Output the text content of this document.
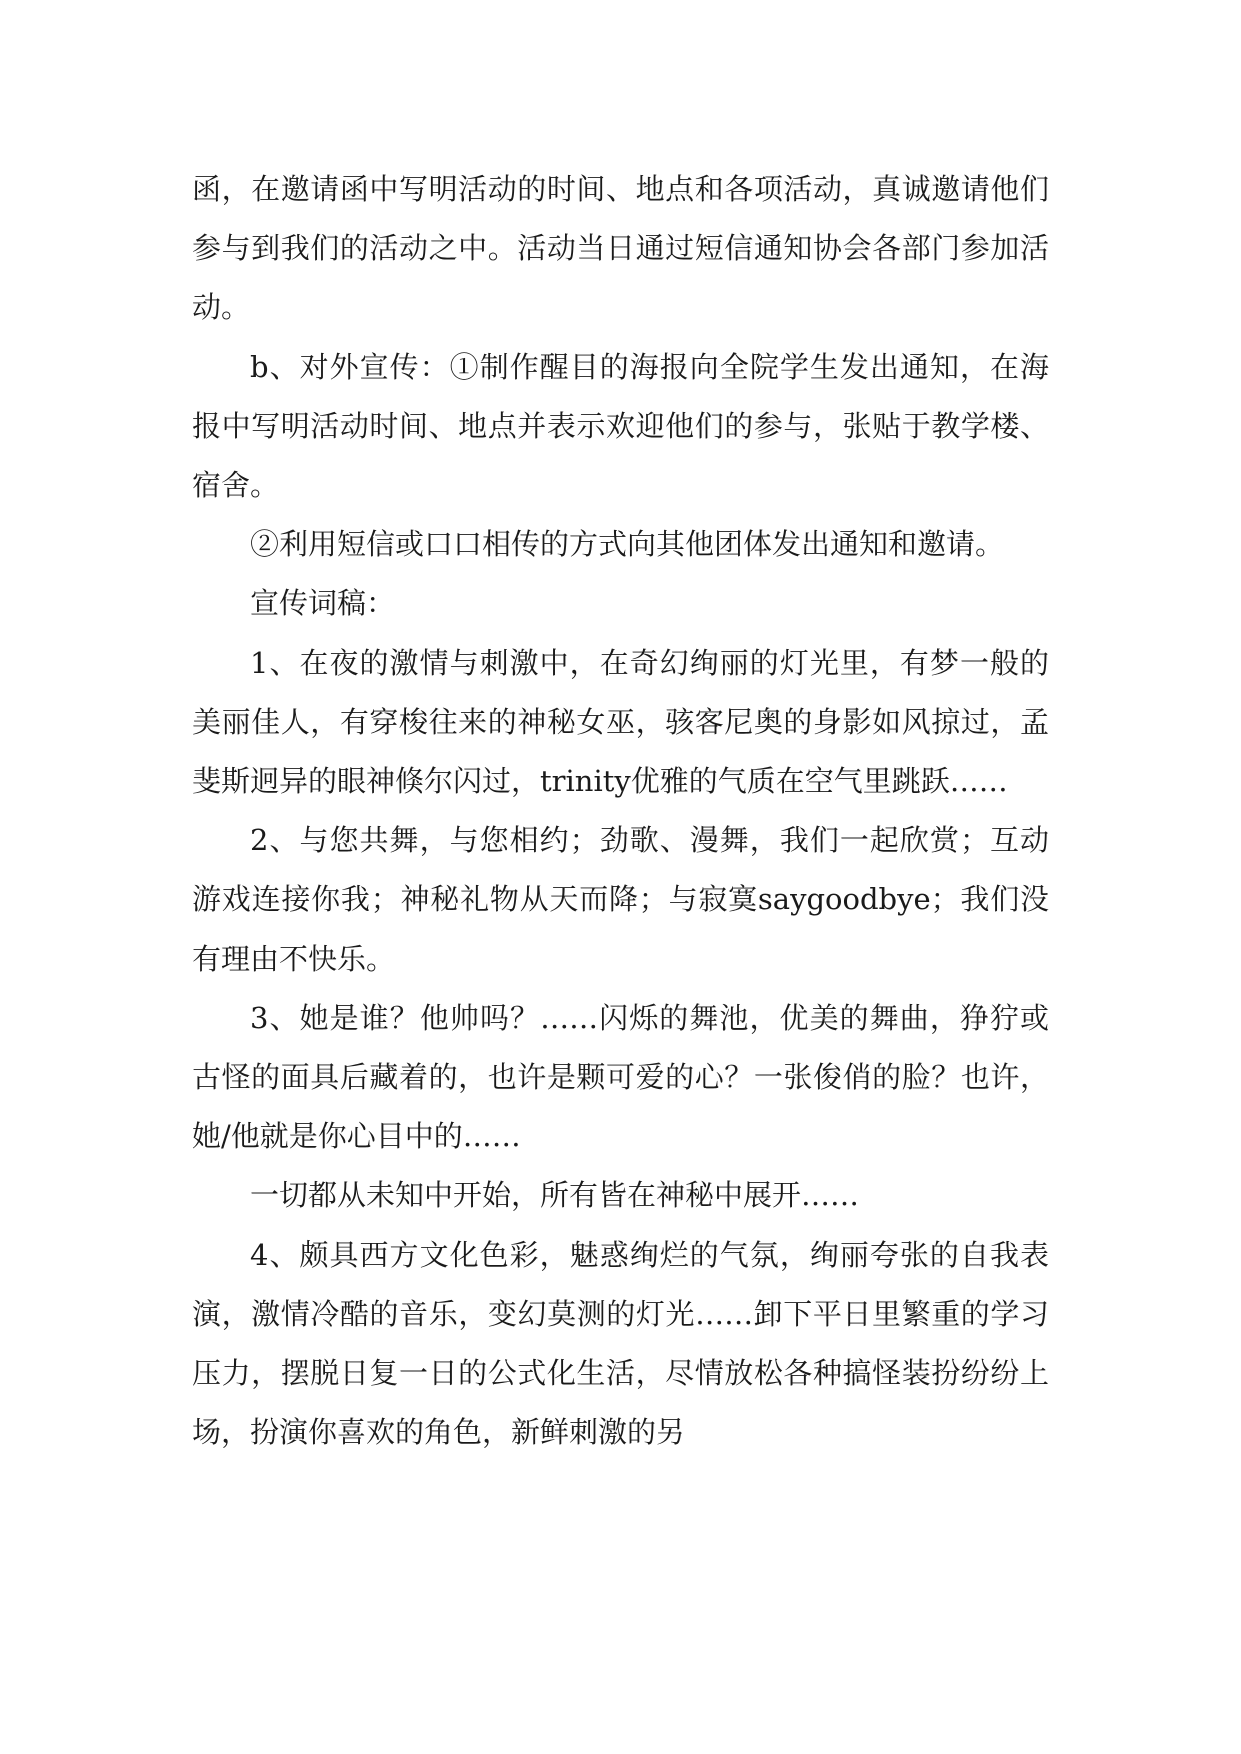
函，在邀请函中写明活动的时间、地点和各项活动，真诚邀请他们参与到我们的活动之中。活动当日通过短信通知协会各部门参加活动。

b、对外宣传：①制作醒目的海报向全院学生发出通知，在海报中写明活动时间、地点并表示欢迎他们的参与，张贴于教学楼、宿舍。

②利用短信或口口相传的方式向其他团体发出通知和邀请。

宣传词稿：

1、在夜的激情与刺激中，在奇幻绚丽的灯光里，有梦一般的美丽佳人，有穿梭往来的神秘女巫，骇客尼奥的身影如风掠过，孟斐斯迥异的眼神倏尔闪过，trinity优雅的气质在空气里跳跃……

2、与您共舞，与您相约；劲歌、漫舞，我们一起欣赏；互动游戏连接你我；神秘礼物从天而降；与寂寞saygoodbye；我们没有理由不快乐。

3、她是谁？他帅吗？……闪烁的舞池，优美的舞曲，狰狞或古怪的面具后藏着的，也许是颗可爱的心？一张俊俏的脸？也许，她/他就是你心目中的……

一切都从未知中开始，所有皆在神秘中展开……

4、颇具西方文化色彩，魅惑绚烂的气氛，绚丽夸张的自我表演，激情冷酷的音乐，变幻莫测的灯光……卸下平日里繁重的学习压力，摆脱日复一日的公式化生活，尽情放松各种搞怪装扮纷纷上场，扮演你喜欢的角色，新鲜刺激的另
